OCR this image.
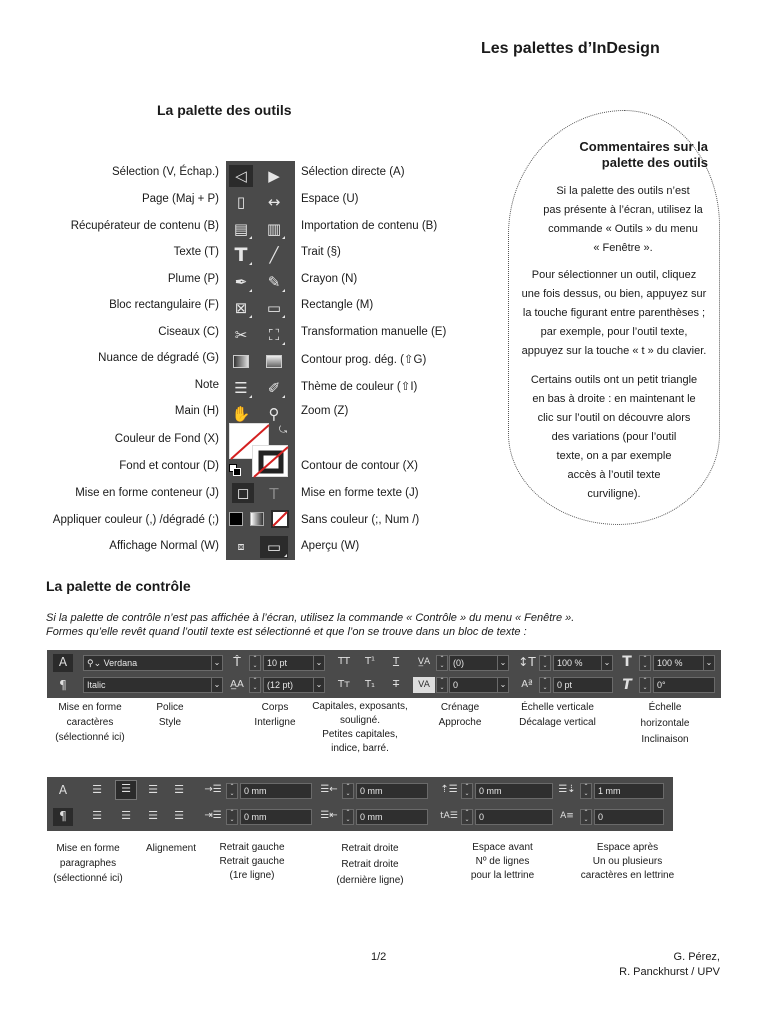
Les palettes d’InDesign
La palette des outils
Sélection (V, Échap.)
Page (Maj + P)
Récupérateur de contenu (B)
Texte (T)
Plume (P)
Bloc rectangulaire (F)
Ciseaux (C)
Nuance de dégradé (G)
Note
Main (H)
Couleur de Fond (X)
Fond et contour (D)
Mise en forme conteneur (J)
Appliquer couleur (,) /dégradé (;)
Affichage Normal (W)
Sélection directe (A)
Espace (U)
Importation de contenu (B)
Trait (§)
Crayon (N)
Rectangle (M)
Transformation manuelle (E)
Contour prog. dég. (⇧G)
Thème de couleur (⇧I)
Zoom (Z)
Contour de contour (X)
Mise en forme texte (J)
Sans couleur (;, Num /)
Aperçu (W)
◁	▶
▯	↔
▤	▥
T	╱
✒	✎
⊠	▭
✂	⛶
☰	✐
✋	⚲
⤿
◻	T
⧈	▭
Commentaires sur la palette des outils
Si la palette des outils n’est
pas présente à l’écran, utilisez la
commande « Outils » du menu
« Fenêtre ».
Pour sélectionner un outil, cliquez
une fois dessus, ou bien, appuyez sur
la touche figurant entre parenthèses ;
par exemple, pour l’outil texte,
appuyez sur la touche « t » du clavier.
Certains outils ont un petit triangle
en bas à droite : en maintenant le
clic sur l’outil on découvre alors
des variations (pour l’outil
texte, on a par exemple
accès à l’outil texte
curviligne).
La palette de contrôle
Si la palette de contrôle n’est pas affichée à l’écran, utilisez la commande « Contrôle » du menu « Fenêtre ».
Formes qu’elle revêt quand l’outil texte est sélectionné et que l’on se trouve dans un bloc de texte :
A
¶
⚲⌄ Verdana	⌄
Italic	⌄
T̂
A̲A
⌃
⌄
⌃
⌄
10 pt	⌄
(12 pt)	⌄
TT	T¹	T
Tт	T₁	T
V̲A
VA
⌃
⌄
⌃
⌄
(0)	⌄
0	⌄
↕T
Aª
⌃
⌄
⌃
⌄
100 %	⌄
0 pt
T
T
⌃
⌄
⌃
⌄
100 %	⌄
0°
Mise en forme
caractères
(sélectionné ici)
Police
Style
Corps
Interligne
Capitales, exposants,
souligné.
Petites capitales,
indice, barré.
Crénage
Approche
Échelle verticale
Décalage vertical
Échelle
horizontale
Inclinaison
A
¶
☰	☰	☰	☰
☰	☰	☰	☰
→☰
⇥☰
⌃
⌄
⌃
⌄
0 mm
0 mm
☰←
☰⇤
⌃
⌄
⌃
⌄
0 mm
0 mm
⇡☰
tA☰
⌃
⌄
⌃
⌄
0 mm
0
☰⇣
A≡
⌃
⌄
⌃
⌄
1 mm
0
Mise en forme
paragraphes
(sélectionné ici)
Alignement	Retrait gauche
Retrait gauche
(1re ligne)
Retrait droite
Retrait droite
(dernière ligne)
Espace avant
Nº de lignes
pour la lettrine
Espace après
Un ou plusieurs
caractères en lettrine
1/2	G. Pérez,
R. Panckhurst / UPV
